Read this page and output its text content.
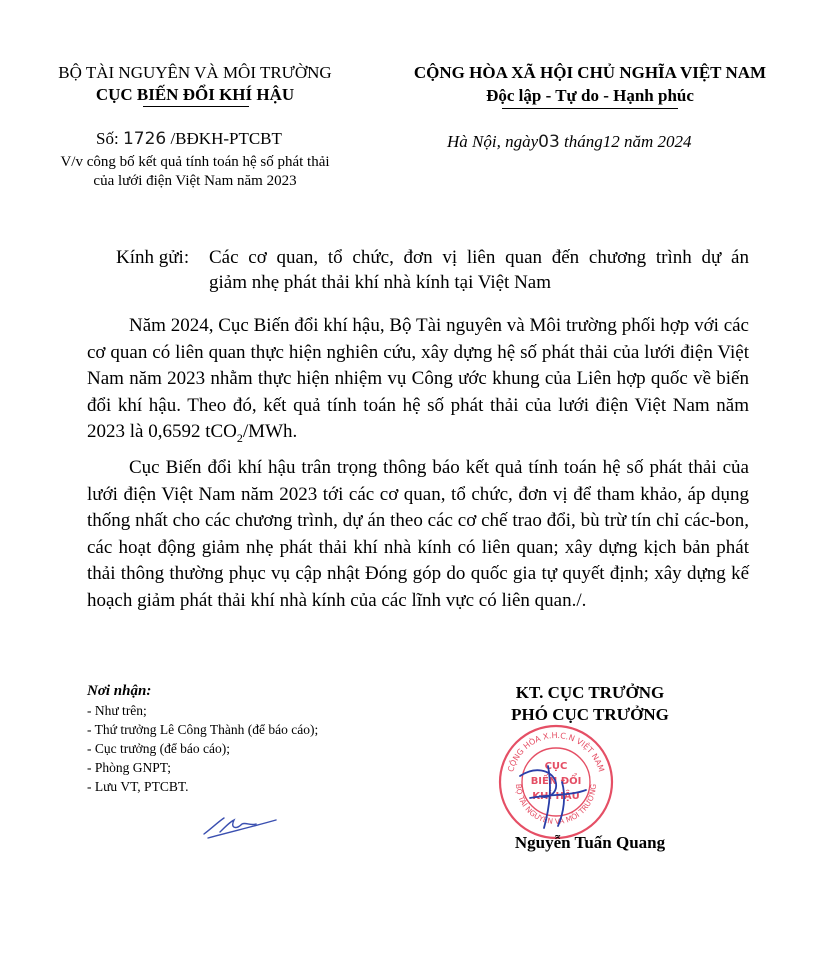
BỘ TÀI NGUYÊN VÀ MÔI TRƯỜNG
CỤC BIẾN ĐỔI KHÍ HẬU
Số: 1726 /BĐKH-PTCBT
V/v công bố kết quả tính toán hệ số phát thải
của lưới điện Việt Nam năm 2023
CỘNG HÒA XÃ HỘI CHỦ NGHĨA VIỆT NAM
Độc lập - Tự do - Hạnh phúc
Hà Nội, ngày03 tháng12 năm 2024
Kính gửi: Các cơ quan, tổ chức, đơn vị liên quan đến chương trình dự án
giảm nhẹ phát thải khí nhà kính tại Việt Nam
Năm 2024, Cục Biến đổi khí hậu, Bộ Tài nguyên và Môi trường phối hợp với các cơ quan có liên quan thực hiện nghiên cứu, xây dựng hệ số phát thải của lưới điện Việt Nam năm 2023 nhằm thực hiện nhiệm vụ Công ước khung của Liên hợp quốc về biến đổi khí hậu. Theo đó, kết quả tính toán hệ số phát thải của lưới điện Việt Nam năm 2023 là 0,6592 tCO$_2$/MWh.
Cục Biến đổi khí hậu trân trọng thông báo kết quả tính toán hệ số phát thải của lưới điện Việt Nam năm 2023 tới các cơ quan, tổ chức, đơn vị để tham khảo, áp dụng thống nhất cho các chương trình, dự án theo các cơ chế trao đổi, bù trừ tín chỉ các-bon, các hoạt động giảm nhẹ phát thải khí nhà kính có liên quan; xây dựng kịch bản phát thải thông thường phục vụ cập nhật Đóng góp do quốc gia tự quyết định; xây dựng kế hoạch giảm phát thải khí nhà kính của các lĩnh vực có liên quan./.
Nơi nhận:
- Như trên;
- Thứ trưởng Lê Công Thành (để báo cáo);
- Cục trưởng (để báo cáo);
- Phòng GNPT;
- Lưu VT, PTCBT.
KT. CỤC TRƯỞNG
PHÓ CỤC TRƯỞNG
CỘNG HÒA X.H.C.N VIỆT NAM
BỘ TÀI NGUYÊN VÀ MÔI TRƯỜNG
CỤC
BIẾN ĐỔI
KHÍ HẬU
Nguyễn Tuấn Quang
